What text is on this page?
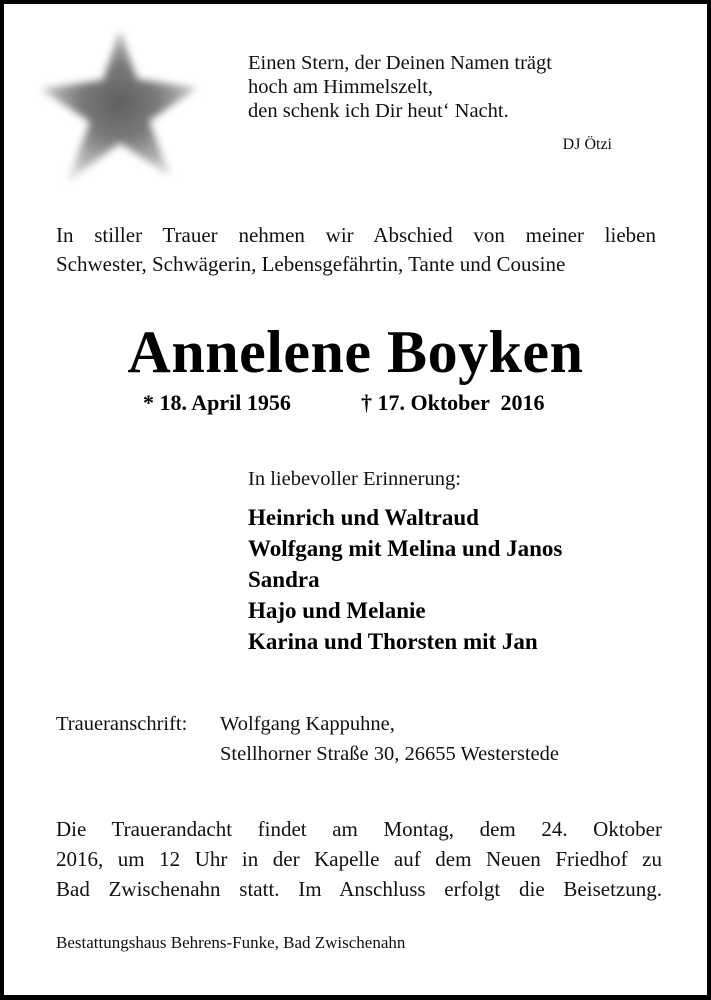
Einen Stern, der Deinen Namen trägt
hoch am Himmelszelt,
den schenk ich Dir heut‘ Nacht.
DJ Ötzi
In stiller Trauer nehmen wir Abschied von meiner lieben
Schwester, Schwägerin, Lebensgefährtin, Tante und Cousine
Annelene Boyken
* 18. April 1956	† 17. Oktober  2016
In liebevoller Erinnerung:
Heinrich und Waltraud
Wolfgang mit Melina und Janos
Sandra
Hajo und Melanie
Karina und Thorsten mit Jan
Traueranschrift: Wolfgang Kappuhne,
Stellhorner Straße 30, 26655 Westerstede
Die Trauerandacht findet am Montag, dem 24. Oktober
2016, um 12 Uhr in der Kapelle auf dem Neuen Friedhof zu
Bad Zwischenahn statt. Im Anschluss erfolgt die Beisetzung.
Bestattungshaus Behrens-Funke, Bad Zwischenahn
